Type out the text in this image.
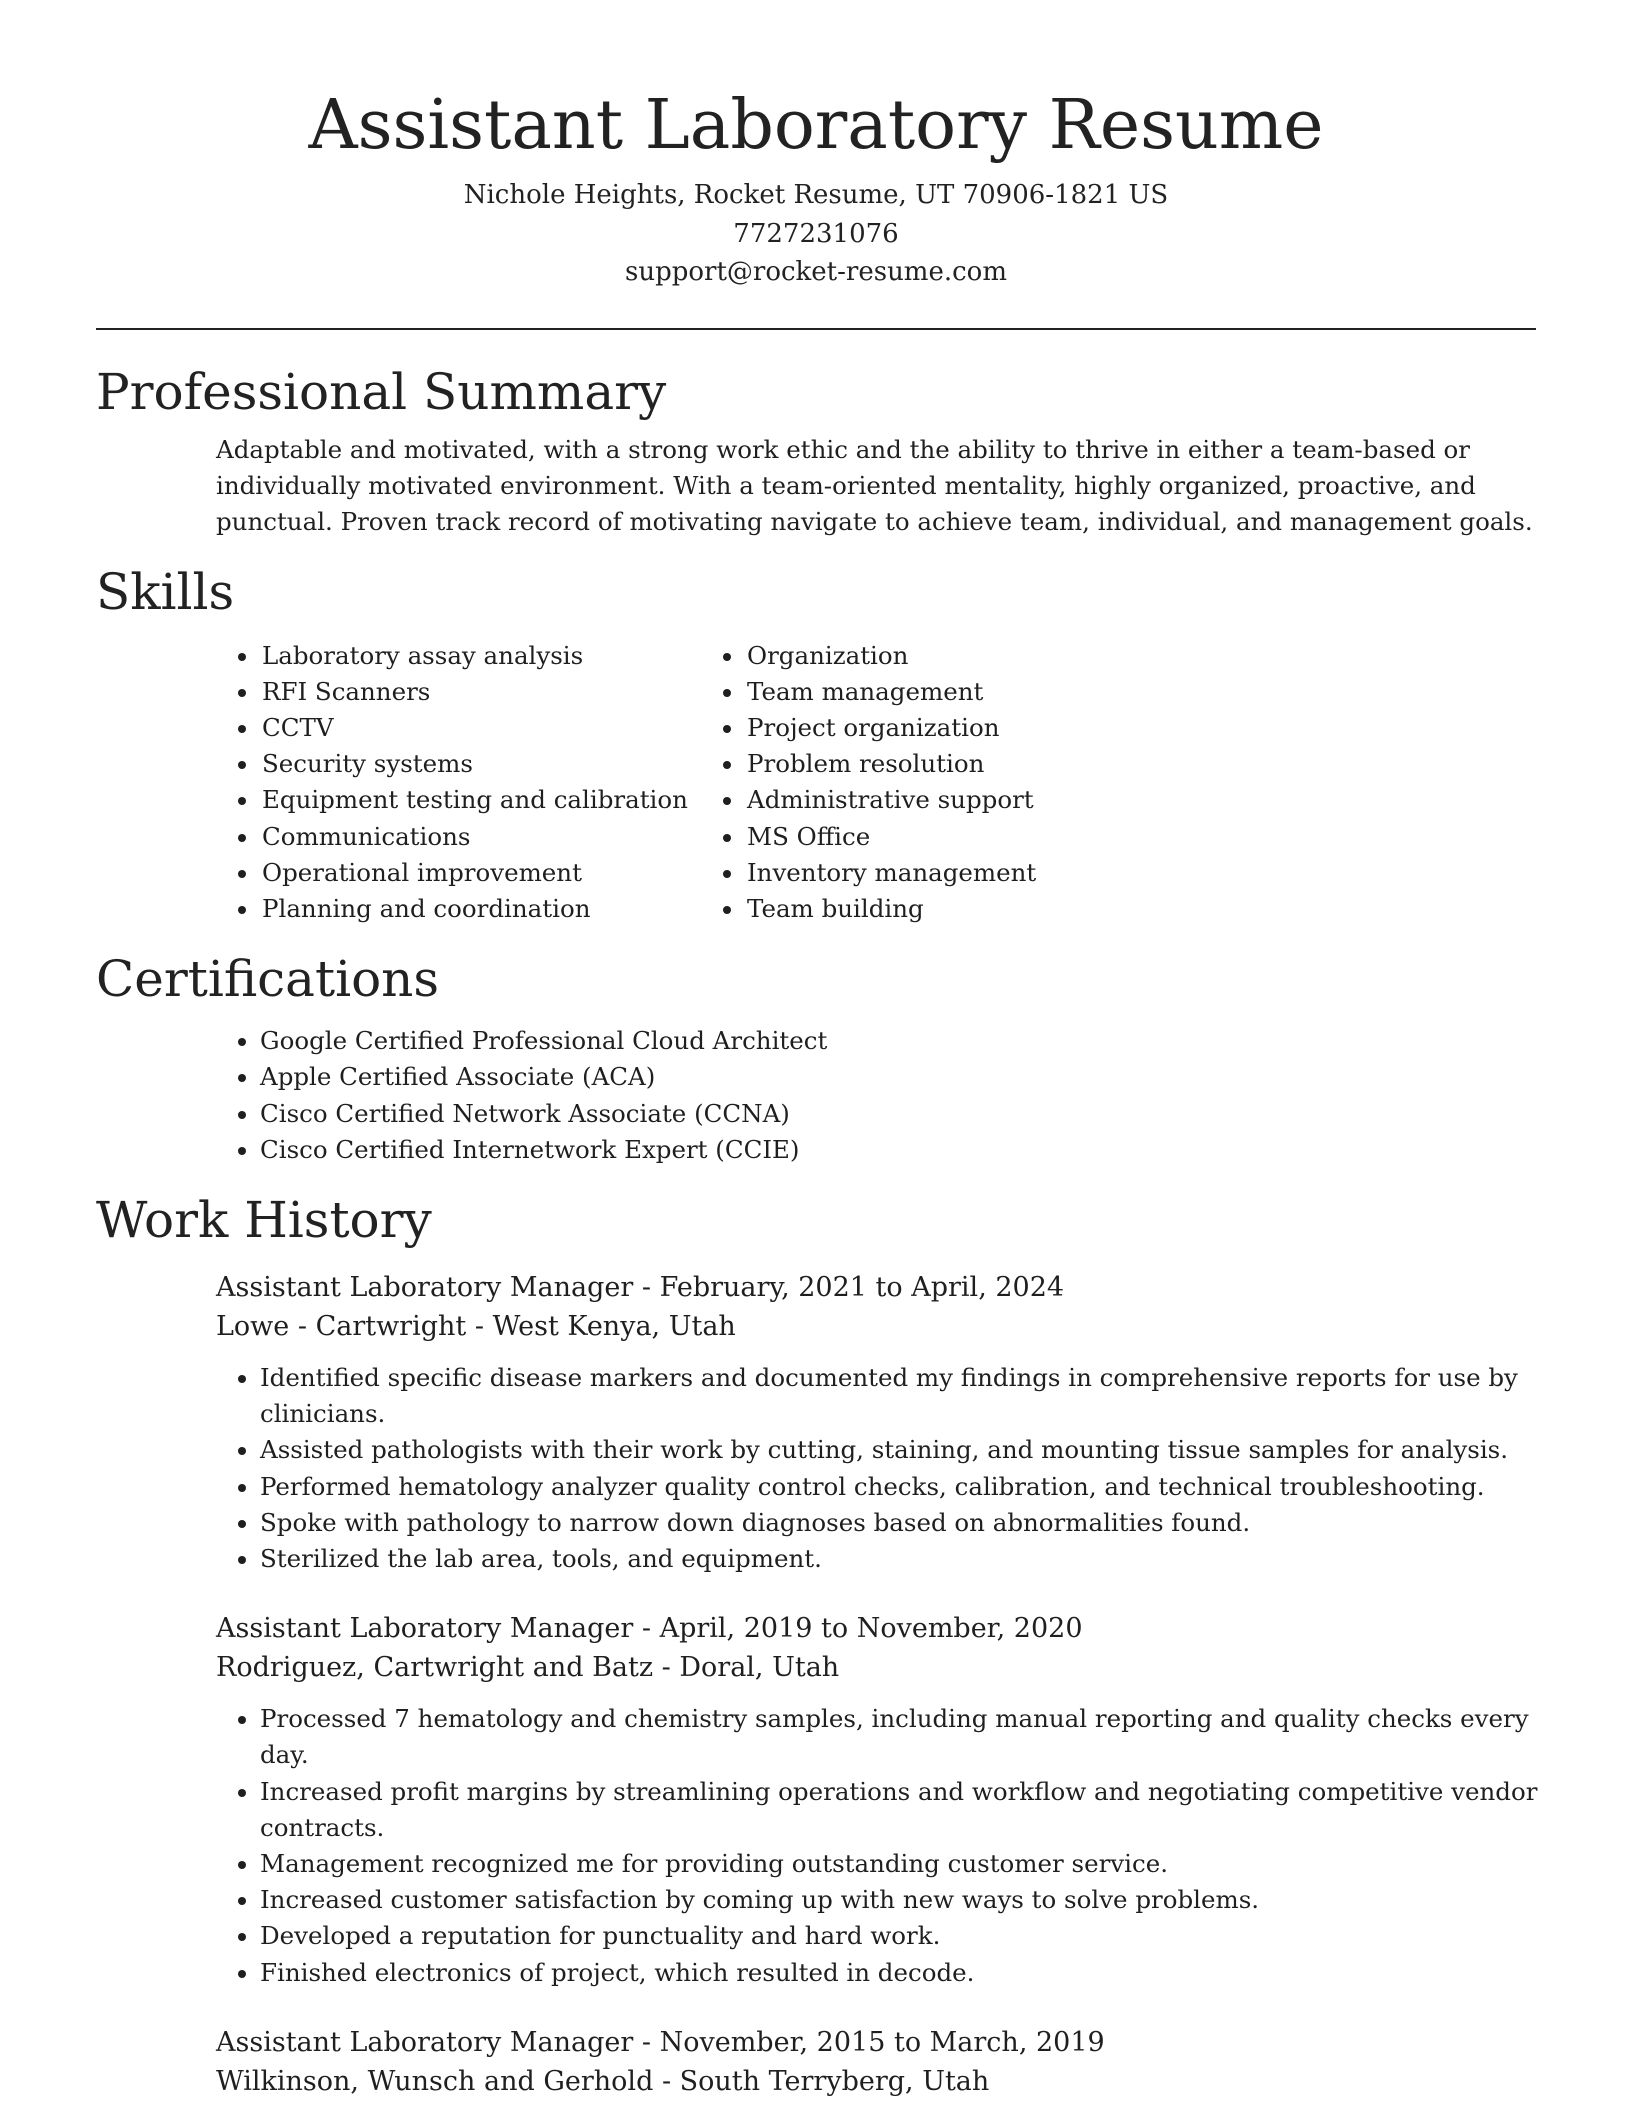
Assistant Laboratory Resume
Nichole Heights, Rocket Resume, UT 70906-1821 US
7727231076
support@rocket-resume.com
Professional Summary

Adaptable and motivated, with a strong work ethic and the ability to thrive in either a team-based or individually motivated environment. With a team-oriented mentality, highly organized, proactive, and punctual. Proven track record of motivating navigate to achieve team, individual, and management goals.

Skills
• Laboratory assay analysis
• RFI Scanners
• CCTV
• Security systems
• Equipment testing and calibration
• Communications
• Operational improvement
• Planning and coordination
• Organization
• Team management
• Project organization
• Problem resolution
• Administrative support
• MS Office
• Inventory management
• Team building
Certifications
• Google Certified Professional Cloud Architect
• Apple Certified Associate (ACA)
• Cisco Certified Network Associate (CCNA)
• Cisco Certified Internetwork Expert (CCIE)
Work History
Assistant Laboratory Manager - February, 2021 to April, 2024
Lowe - Cartwright - West Kenya, Utah
• Identified specific disease markers and documented my findings in comprehensive reports for use by clinicians.
• Assisted pathologists with their work by cutting, staining, and mounting tissue samples for analysis.
• Performed hematology analyzer quality control checks, calibration, and technical troubleshooting.
• Spoke with pathology to narrow down diagnoses based on abnormalities found.
• Sterilized the lab area, tools, and equipment.
Assistant Laboratory Manager - April, 2019 to November, 2020
Rodriguez, Cartwright and Batz - Doral, Utah
• Processed 7 hematology and chemistry samples, including manual reporting and quality checks every day.
• Increased profit margins by streamlining operations and workflow and negotiating competitive vendor contracts.
• Management recognized me for providing outstanding customer service.
• Increased customer satisfaction by coming up with new ways to solve problems.
• Developed a reputation for punctuality and hard work.
• Finished electronics of project, which resulted in decode.
Assistant Laboratory Manager - November, 2015 to March, 2019
Wilkinson, Wunsch and Gerhold - South Terryberg, Utah
